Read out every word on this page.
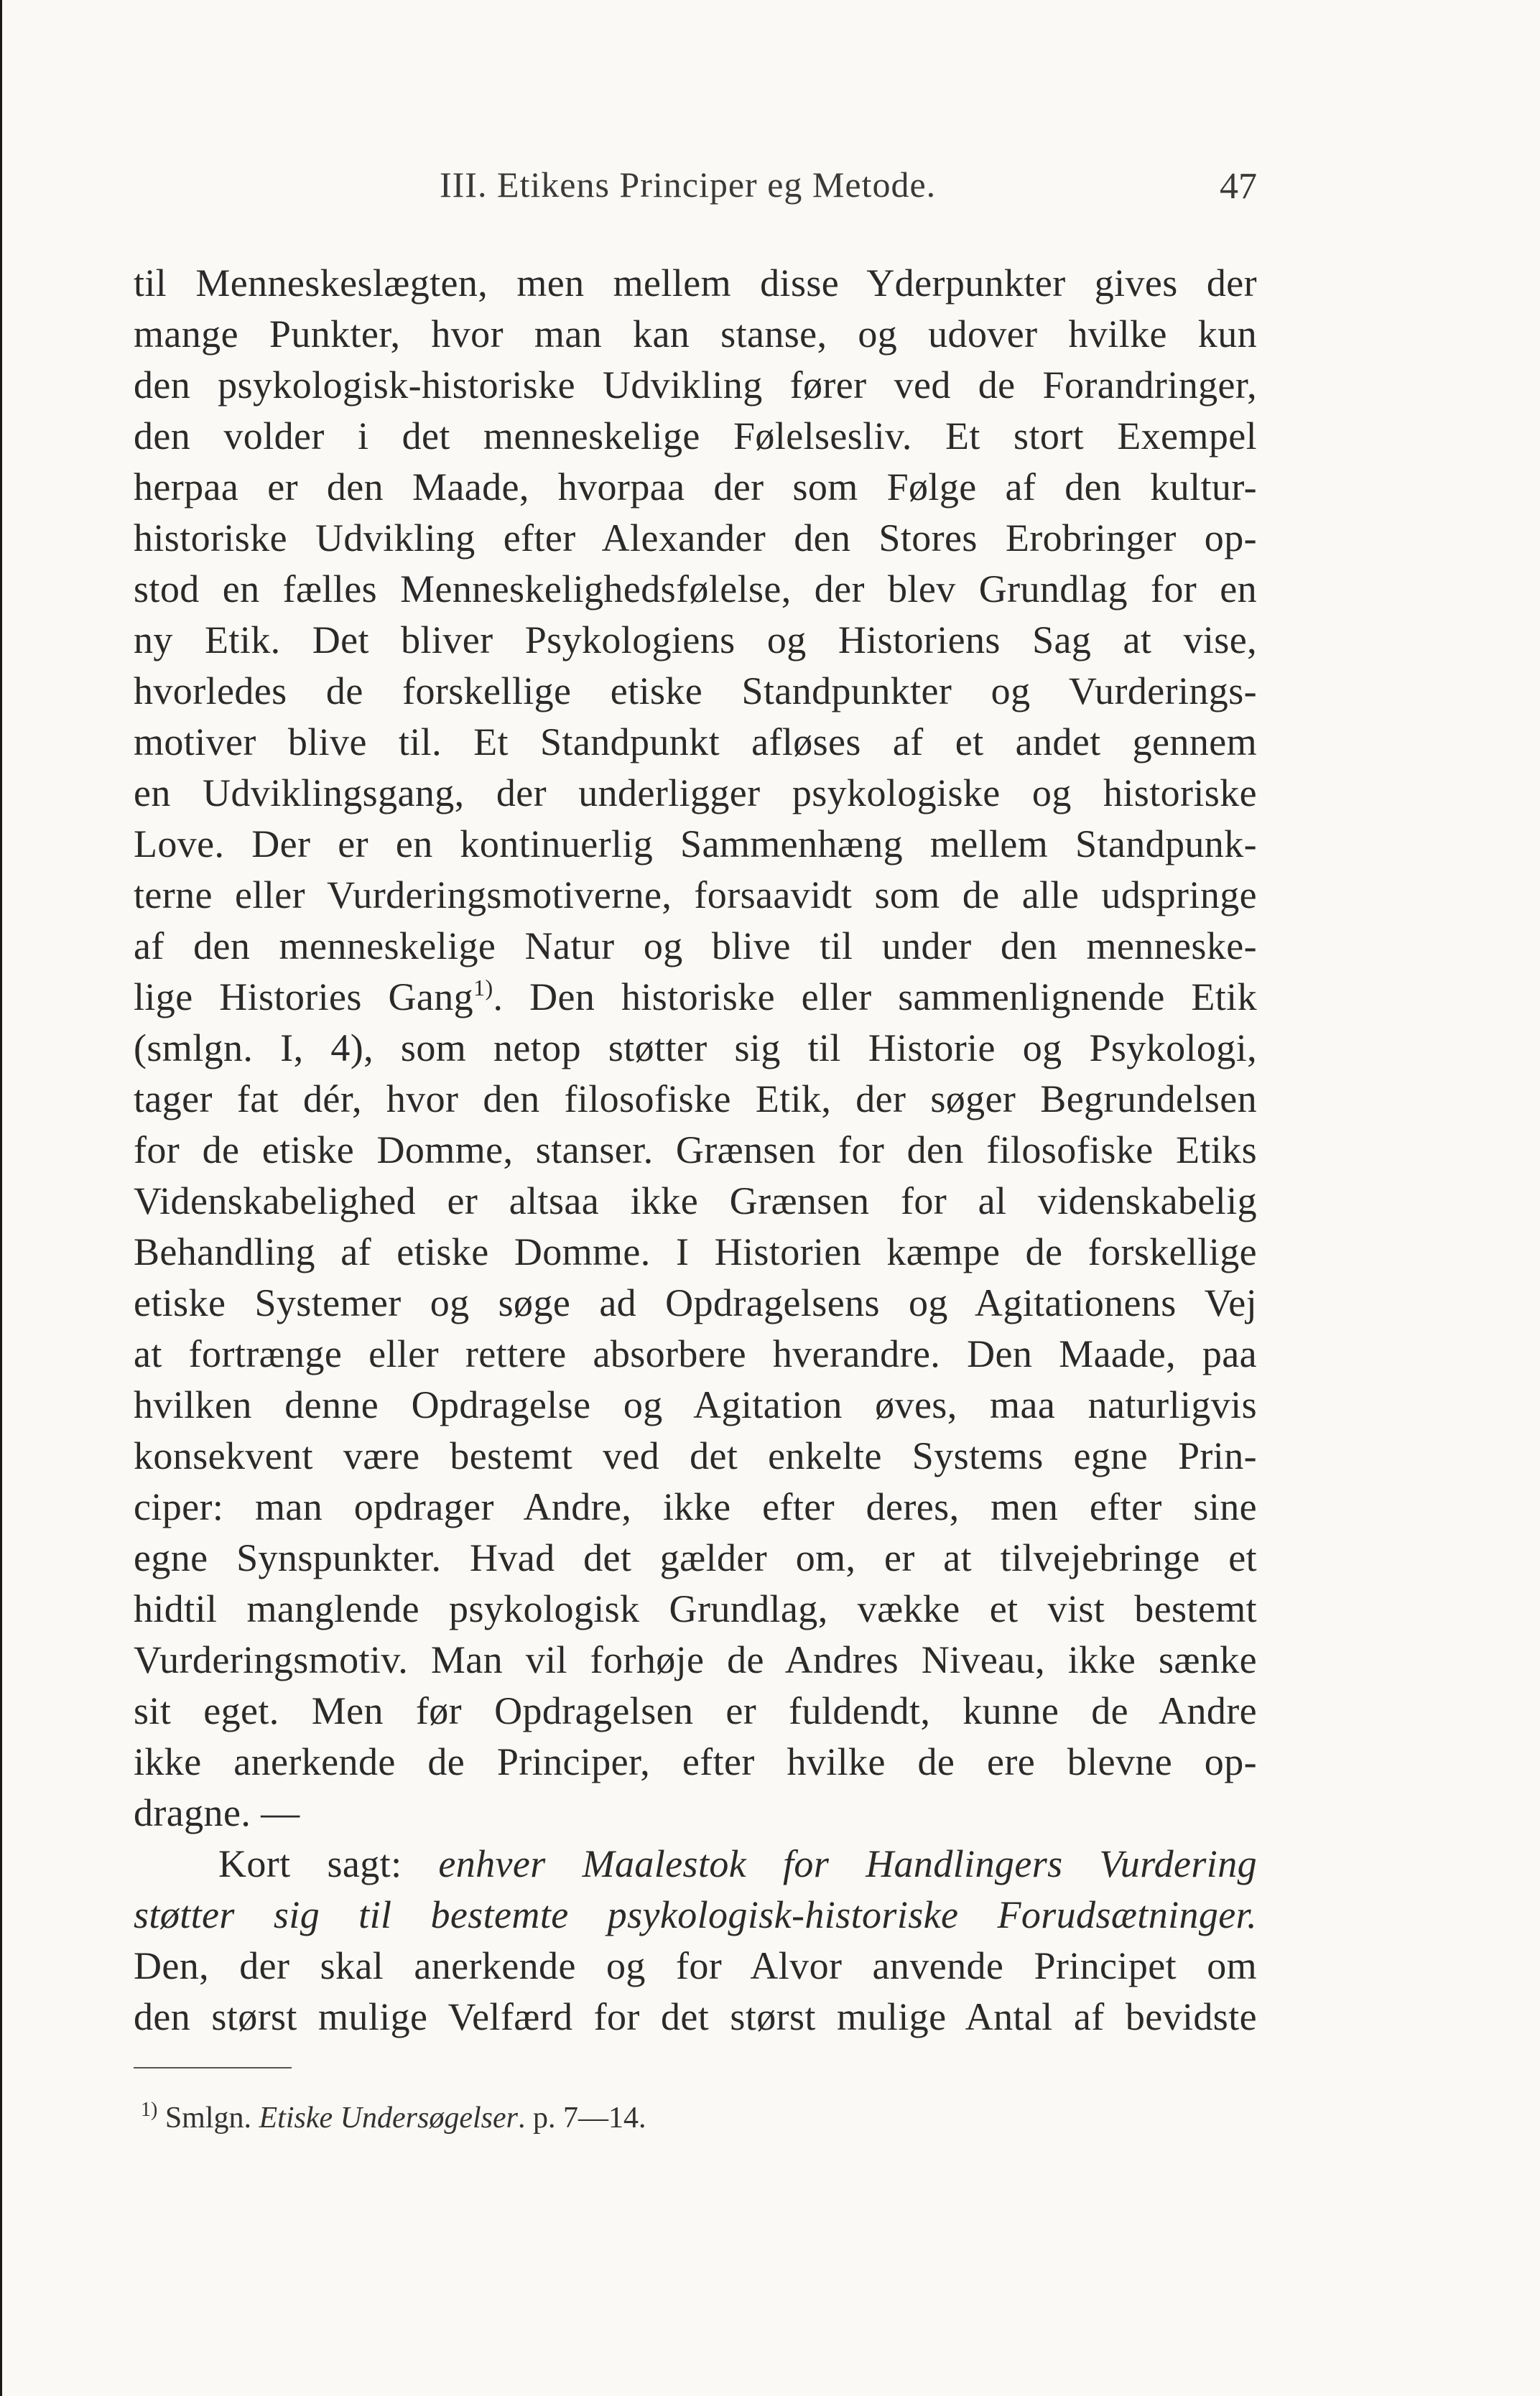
III. Etikens Principer eg Metode.	47
til Menneskeslægten, men mellem disse Yderpunkter gives der
mange Punkter, hvor man kan stanse, og udover hvilke kun
den psykologisk-historiske Udvikling fører ved de Forandringer,
den volder i det menneskelige Følelsesliv. Et stort Exempel
herpaa er den Maade, hvorpaa der som Følge af den kultur-
historiske Udvikling efter Alexander den Stores Erobringer op-
stod en fælles Menneskelighedsfølelse, der blev Grundlag for en
ny Etik. Det bliver Psykologiens og Historiens Sag at vise,
hvorledes de forskellige etiske Standpunkter og Vurderings-
motiver blive til. Et Standpunkt afløses af et andet gennem
en Udviklingsgang, der underligger psykologiske og historiske
Love. Der er en kontinuerlig Sammenhæng mellem Standpunk-
terne eller Vurderingsmotiverne, forsaavidt som de alle udspringe
af den menneskelige Natur og blive til under den menneske-
lige Histories Gang$^{1)}$. Den historiske eller sammenlignende Etik
(smlgn. I, 4), som netop støtter sig til Historie og Psykologi,
tager fat dér, hvor den filosofiske Etik, der søger Begrundelsen
for de etiske Domme, stanser. Grænsen for den filosofiske Etiks
Videnskabelighed er altsaa ikke Grænsen for al videnskabelig
Behandling af etiske Domme. I Historien kæmpe de forskellige
etiske Systemer og søge ad Opdragelsens og Agitationens Vej
at fortrænge eller rettere absorbere hverandre. Den Maade, paa
hvilken denne Opdragelse og Agitation øves, maa naturligvis
konsekvent være bestemt ved det enkelte Systems egne Prin-
ciper: man opdrager Andre, ikke efter deres, men efter sine
egne Synspunkter. Hvad det gælder om, er at tilvejebringe et
hidtil manglende psykologisk Grundlag, vække et vist bestemt
Vurderingsmotiv. Man vil forhøje de Andres Niveau, ikke sænke
sit eget. Men før Opdragelsen er fuldendt, kunne de Andre
ikke anerkende de Principer, efter hvilke de ere blevne op-
dragne. —
Kort sagt: enhver Maalestok for Handlingers Vurdering
støtter sig til bestemte psykologisk-historiske Forudsætninger.
Den, der skal anerkende og for Alvor anvende Principet om
den størst mulige Velfærd for det størst mulige Antal af bevidste
$^{1)}$ Smlgn. Etiske Undersøgelser. p. 7—14.
